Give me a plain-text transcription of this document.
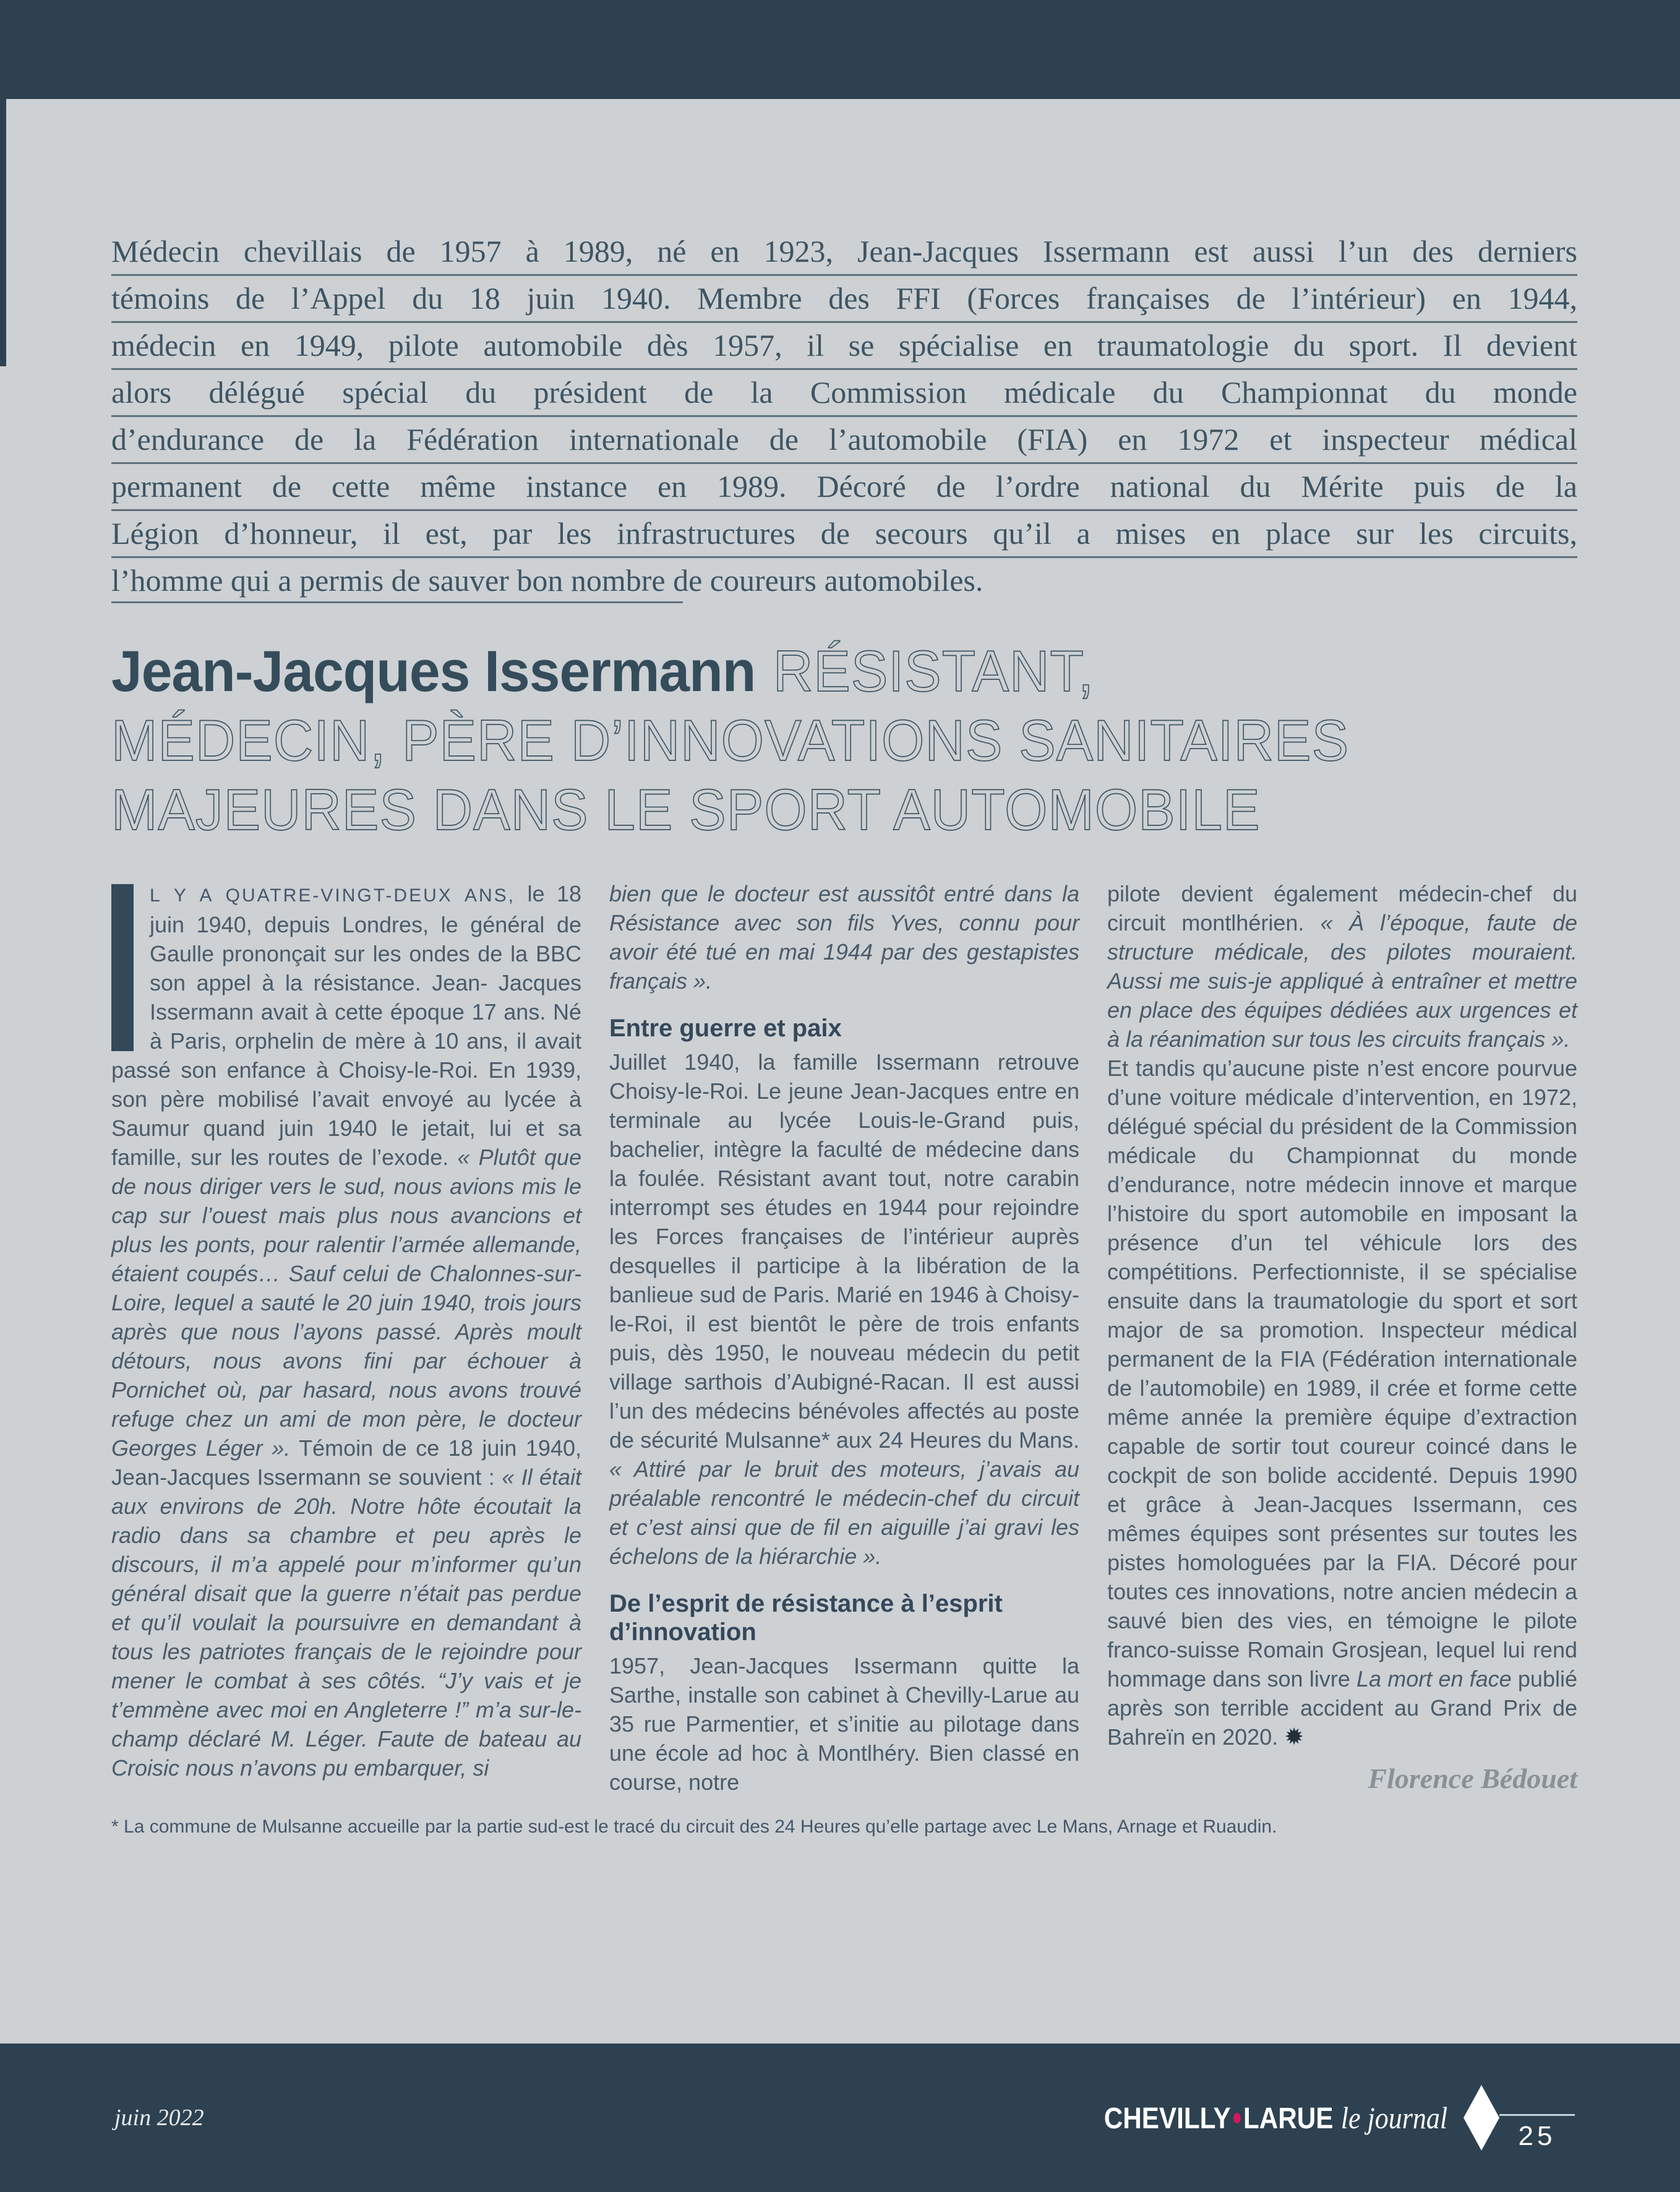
Médecin chevillais de 1957 à 1989, né en 1923, Jean-Jacques Issermann est aussi l’un des derniers
témoins de l’Appel du 18 juin 1940. Membre des FFI (Forces françaises de l’intérieur) en 1944,
médecin en 1949, pilote automobile dès 1957, il se spécialise en traumatologie du sport. Il devient
alors délégué spécial du président de la Commission médicale du Championnat du monde
d’endurance de la Fédération internationale de l’automobile (FIA) en 1972 et inspecteur médical
permanent de cette même instance en 1989. Décoré de l’ordre national du Mérite puis de la
Légion d’honneur, il est, par les infrastructures de secours qu’il a mises en place sur les circuits,
l’homme qui a permis de sauver bon nombre de coureurs automobiles.
Jean-Jacques Issermann RÉSISTANT,
MÉDECIN, PÈRE D’INNOVATIONS SANITAIRES
MAJEURES DANS LE SPORT AUTOMOBILE

L Y A QUATRE-VINGT-DEUX ANS, le 18 juin 1940, depuis Londres, le général de Gaulle prononçait sur les ondes de la BBC son appel à la résistance. Jean- Jacques Issermann avait à cette époque 17 ans. Né à Paris, orphelin de mère à 10 ans, il avait passé son enfance à Choisy-le-Roi. En 1939, son père mobilisé l’avait envoyé au lycée à Saumur quand juin 1940 le jetait, lui et sa famille, sur les routes de l’exode. « Plutôt que de nous diriger vers le sud, nous avions mis le cap sur l’ouest mais plus nous avancions et plus les ponts, pour ralentir l’armée allemande, étaient coupés… Sauf celui de Chalonnes-sur-Loire, lequel a sauté le 20 juin 1940, trois jours après que nous l’ayons passé. Après moult détours, nous avons fini par échouer à Pornichet où, par hasard, nous avons trouvé refuge chez un ami de mon père, le docteur Georges Léger ». Témoin de ce 18 juin 1940, Jean-Jacques Issermann se souvient : « Il était aux environs de 20h. Notre hôte écoutait la radio dans sa chambre et peu après le discours, il m’a appelé pour m’informer qu’un général disait que la guerre n’était pas perdue et qu’il voulait la poursuivre en demandant à tous les patriotes français de le rejoindre pour mener le combat à ses côtés. “J’y vais et je t’emmène avec moi en Angleterre !” m’a sur-le-champ déclaré M. Léger. Faute de bateau au Croisic nous n’avons pu embarquer, si

bien que le docteur est aussitôt entré dans la Résistance avec son fils Yves, connu pour avoir été tué en mai 1944 par des gestapistes français ».

Entre guerre et paix

Juillet 1940, la famille Issermann retrouve Choisy-le-Roi. Le jeune Jean-Jacques entre en terminale au lycée Louis-le-Grand puis, bachelier, intègre la faculté de médecine dans la foulée. Résistant avant tout, notre carabin interrompt ses études en 1944 pour rejoindre les Forces françaises de l’intérieur auprès desquelles il participe à la libération de la banlieue sud de Paris. Marié en 1946 à Choisy-le-Roi, il est bientôt le père de trois enfants puis, dès 1950, le nouveau médecin du petit village sarthois d’Aubigné-Racan. Il est aussi l’un des médecins bénévoles affectés au poste de sécurité Mulsanne* aux 24 Heures du Mans. « Attiré par le bruit des moteurs, j’avais au préalable rencontré le médecin-chef du circuit et c’est ainsi que de fil en aiguille j’ai gravi les échelons de la hiérarchie ».

De l’esprit de résistance à l’esprit d’innovation

1957, Jean-Jacques Issermann quitte la Sarthe, installe son cabinet à Chevilly-Larue au 35 rue Parmentier, et s’initie au pilotage dans une école ad hoc à Montlhéry. Bien classé en course, notre

pilote devient également médecin-chef du circuit montlhérien. « À l’époque, faute de structure médicale, des pilotes mouraient. Aussi me suis-je appliqué à entraîner et mettre en place des équipes dédiées aux urgences et à la réanimation sur tous les circuits français ».

Et tandis qu’aucune piste n’est encore pourvue d’une voiture médicale d’intervention, en 1972, délégué spécial du président de la Commission médicale du Championnat du monde d’endurance, notre médecin innove et marque l’histoire du sport automobile en imposant la présence d’un tel véhicule lors des compétitions. Perfectionniste, il se spécialise ensuite dans la traumatologie du sport et sort major de sa promotion. Inspecteur médical permanent de la FIA (Fédération internationale de l’automobile) en 1989, il crée et forme cette même année la première équipe d’extraction capable de sortir tout coureur coincé dans le cockpit de son bolide accidenté. Depuis 1990 et grâce à Jean-Jacques Issermann, ces mêmes équipes sont présentes sur toutes les pistes homologuées par la FIA. Décoré pour toutes ces innovations, notre ancien médecin a sauvé bien des vies, en témoigne le pilote franco-suisse Romain Grosjean, lequel lui rend hommage dans son livre La mort en face publié après son terrible accident au Grand Prix de Bahreïn en 2020. ✹

Florence Bédouet
* La commune de Mulsanne accueille par la partie sud-est le tracé du circuit des 24 Heures qu’elle partage avec Le Mans, Arnage et Ruaudin.
juin 2022	CHEVILLY LARUE le journal
25
